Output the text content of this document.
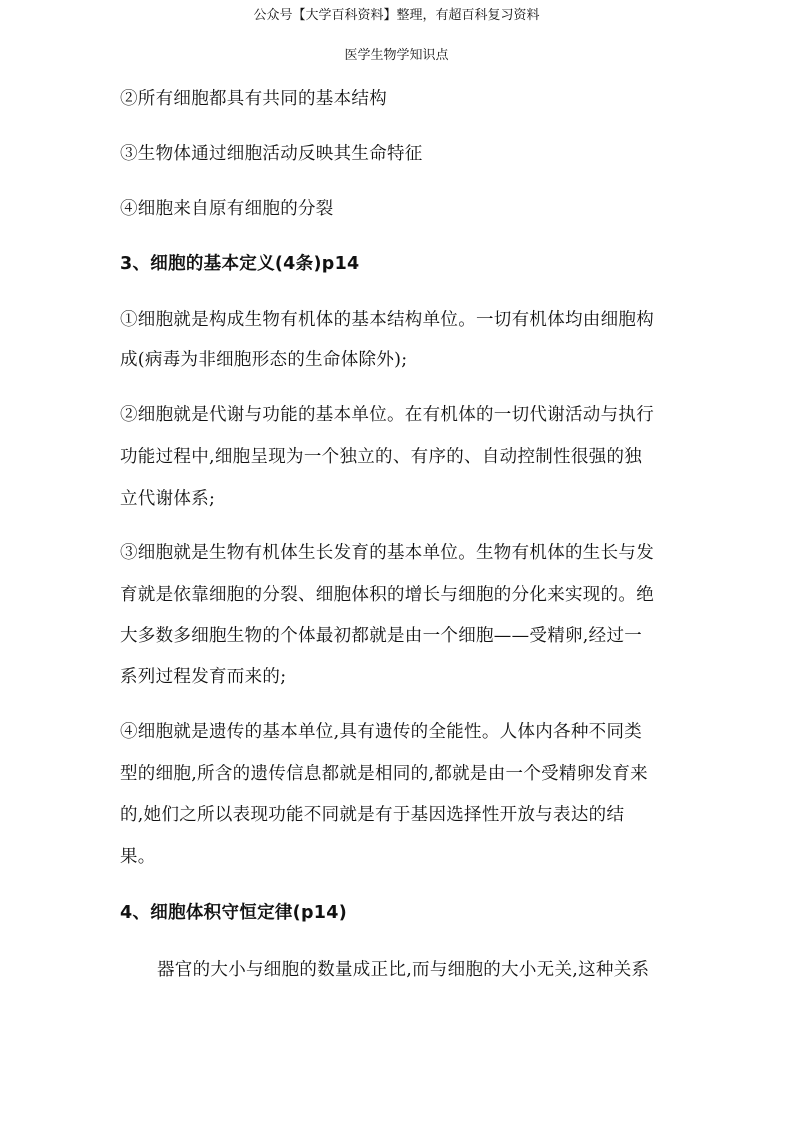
公众号【大学百科资料】整理，有超百科复习资料
医学生物学知识点
②所有细胞都具有共同的基本结构
③生物体通过细胞活动反映其生命特征
④细胞来自原有细胞的分裂
3、细胞的基本定义(4条)p14
①细胞就是构成生物有机体的基本结构单位。一切有机体均由细胞构
成(病毒为非细胞形态的生命体除外);
②细胞就是代谢与功能的基本单位。在有机体的一切代谢活动与执行
功能过程中,细胞呈现为一个独立的、有序的、自动控制性很强的独
立代谢体系;
③细胞就是生物有机体生长发育的基本单位。生物有机体的生长与发
育就是依靠细胞的分裂、细胞体积的增长与细胞的分化来实现的。绝
大多数多细胞生物的个体最初都就是由一个细胞——受精卵,经过一
系列过程发育而来的;
④细胞就是遗传的基本单位,具有遗传的全能性。人体内各种不同类
型的细胞,所含的遗传信息都就是相同的,都就是由一个受精卵发育来
的,她们之所以表现功能不同就是有于基因选择性开放与表达的结
果。
4、细胞体积守恒定律(p14)
器官的大小与细胞的数量成正比,而与细胞的大小无关,这种关系
